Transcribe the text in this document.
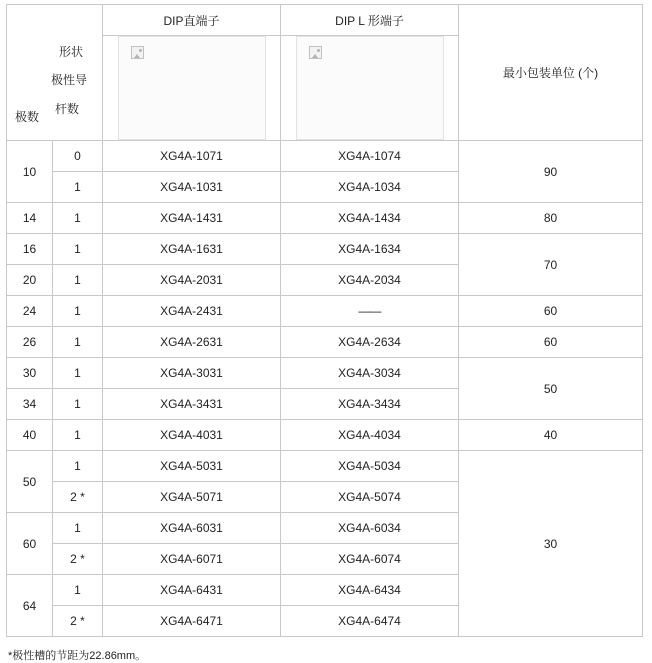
形状
极性导
杆数
极数		DIP直端子	DIP L 形端子	最小包装单位 (个)

10	0	XG4A-1071	XG4A-1074	90
	1	XG4A-1031	XG4A-1034	
14	1	XG4A-1431	XG4A-1434	80
16	1	XG4A-1631	XG4A-1634	70
20	1	XG4A-2031	XG4A-2034	
24	1	XG4A-2431	——	60
26	1	XG4A-2631	XG4A-2634	60
30	1	XG4A-3031	XG4A-3034	50
34	1	XG4A-3431	XG4A-3434	
40	1	XG4A-4031	XG4A-4034	40
50	1	XG4A-5031	XG4A-5034	30
	2 *	XG4A-5071	XG4A-5074	
60	1	XG4A-6031	XG4A-6034	
	2 *	XG4A-6071	XG4A-6074	
64	1	XG4A-6431	XG4A-6434	
	2 *	XG4A-6471	XG4A-6474	
*极性槽的节距为22.86mm。
